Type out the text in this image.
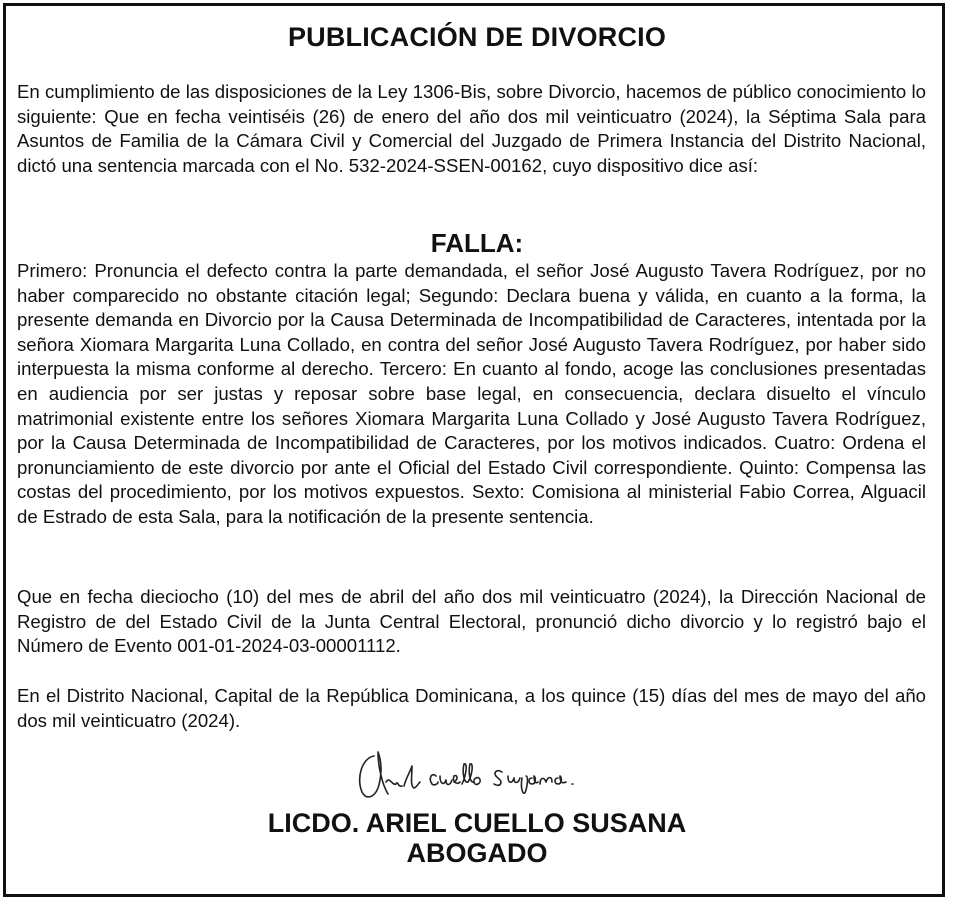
PUBLICACIÓN DE DIVORCIO

En cumplimiento de las disposiciones de la Ley 1306-Bis, sobre Divorcio, hacemos de público conocimiento lo siguiente: Que en fecha veintiséis (26) de enero del año dos mil veinticuatro (2024), la Séptima Sala para Asuntos de Familia de la Cámara Civil y Comercial del Juzgado de Primera Instancia del Distrito Nacional, dictó una sentencia marcada con el No. 532-2024-SSEN-00162, cuyo dispositivo dice así:

FALLA:

Primero: Pronuncia el defecto contra la parte demandada, el señor José Augusto Tavera Rodríguez, por no haber comparecido no obstante citación legal; Segundo: Declara buena y válida, en cuanto a la forma, la presente demanda en Divorcio por la Causa Determinada de Incompatibilidad de Caracteres, intentada por la señora Xiomara Margarita Luna Collado, en contra del señor José Augusto Tavera Rodríguez, por haber sido interpuesta la misma conforme al derecho. Tercero: En cuanto al fondo, acoge las conclusiones presentadas en audiencia por ser justas y reposar sobre base legal, en consecuencia, declara disuelto el vínculo matrimonial existente entre los señores Xiomara Margarita Luna Collado y José Augusto Tavera Rodríguez, por la Causa Determinada de Incompatibilidad de Caracteres, por los motivos indicados. Cuatro: Ordena el pronunciamiento de este divorcio por ante el Oficial del Estado Civil correspondiente. Quinto: Compensa las costas del procedimiento, por los motivos expuestos. Sexto: Comisiona al ministerial Fabio Correa, Alguacil de Estrado de esta Sala, para la notificación de la presente sentencia.

Que en fecha dieciocho (10) del mes de abril del año dos mil veinticuatro (2024), la Dirección Nacional de Registro de del Estado Civil de la Junta Central Electoral, pronunció dicho divorcio y lo registró bajo el Número de Evento 001-01-2024-03-00001112.

En el Distrito Nacional, Capital de la República Dominicana, a los quince (15) días del mes de mayo del año dos mil veinticuatro (2024).

LICDO. ARIEL CUELLO SUSANA
ABOGADO
